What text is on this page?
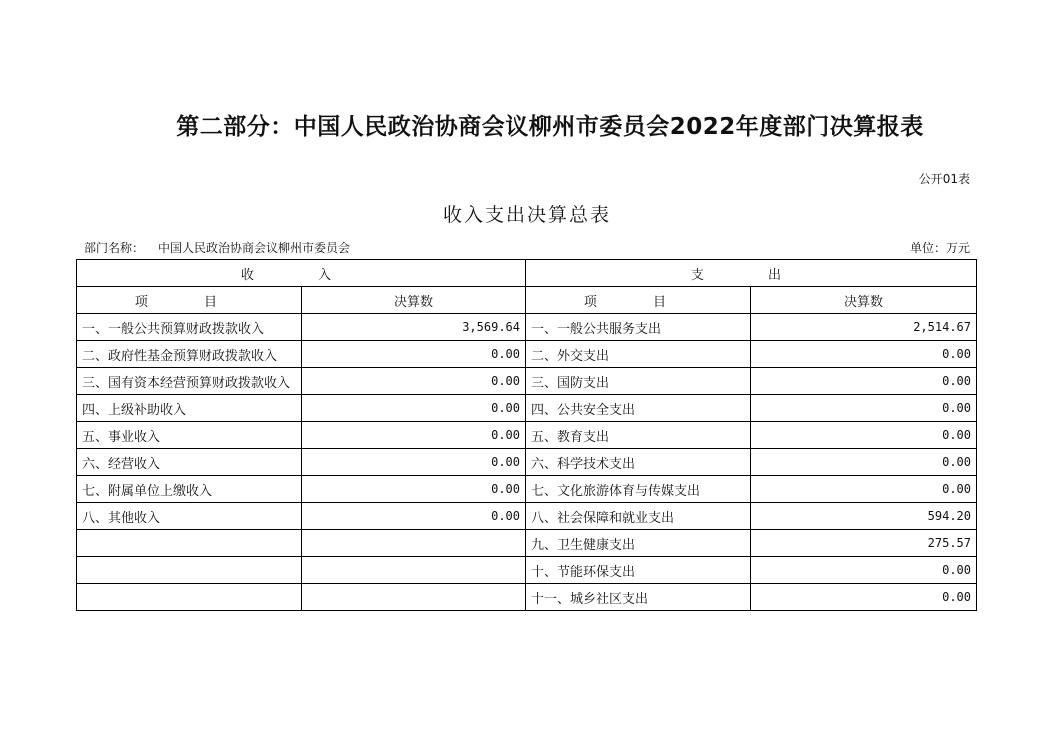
第二部分：中国人民政治协商会议柳州市委员会2022年度部门决算报表
公开01表
收入支出决算总表
部门名称： 中国人民政治协商会议柳州市委员会	单位：万元
收 入		支 出	
项 目	决算数	项 目	决算数
一、一般公共预算财政拨款收入	3,569.64	一、一般公共服务支出	2,514.67
二、政府性基金预算财政拨款收入	0.00	二、外交支出	0.00
三、国有资本经营预算财政拨款收入	0.00	三、国防支出	0.00
四、上级补助收入	0.00	四、公共安全支出	0.00
五、事业收入	0.00	五、教育支出	0.00
六、经营收入	0.00	六、科学技术支出	0.00
七、附属单位上缴收入	0.00	七、文化旅游体育与传媒支出	0.00
八、其他收入	0.00	八、社会保障和就业支出	594.20
		九、卫生健康支出	275.57
		十、节能环保支出	0.00
		十一、城乡社区支出	0.00
